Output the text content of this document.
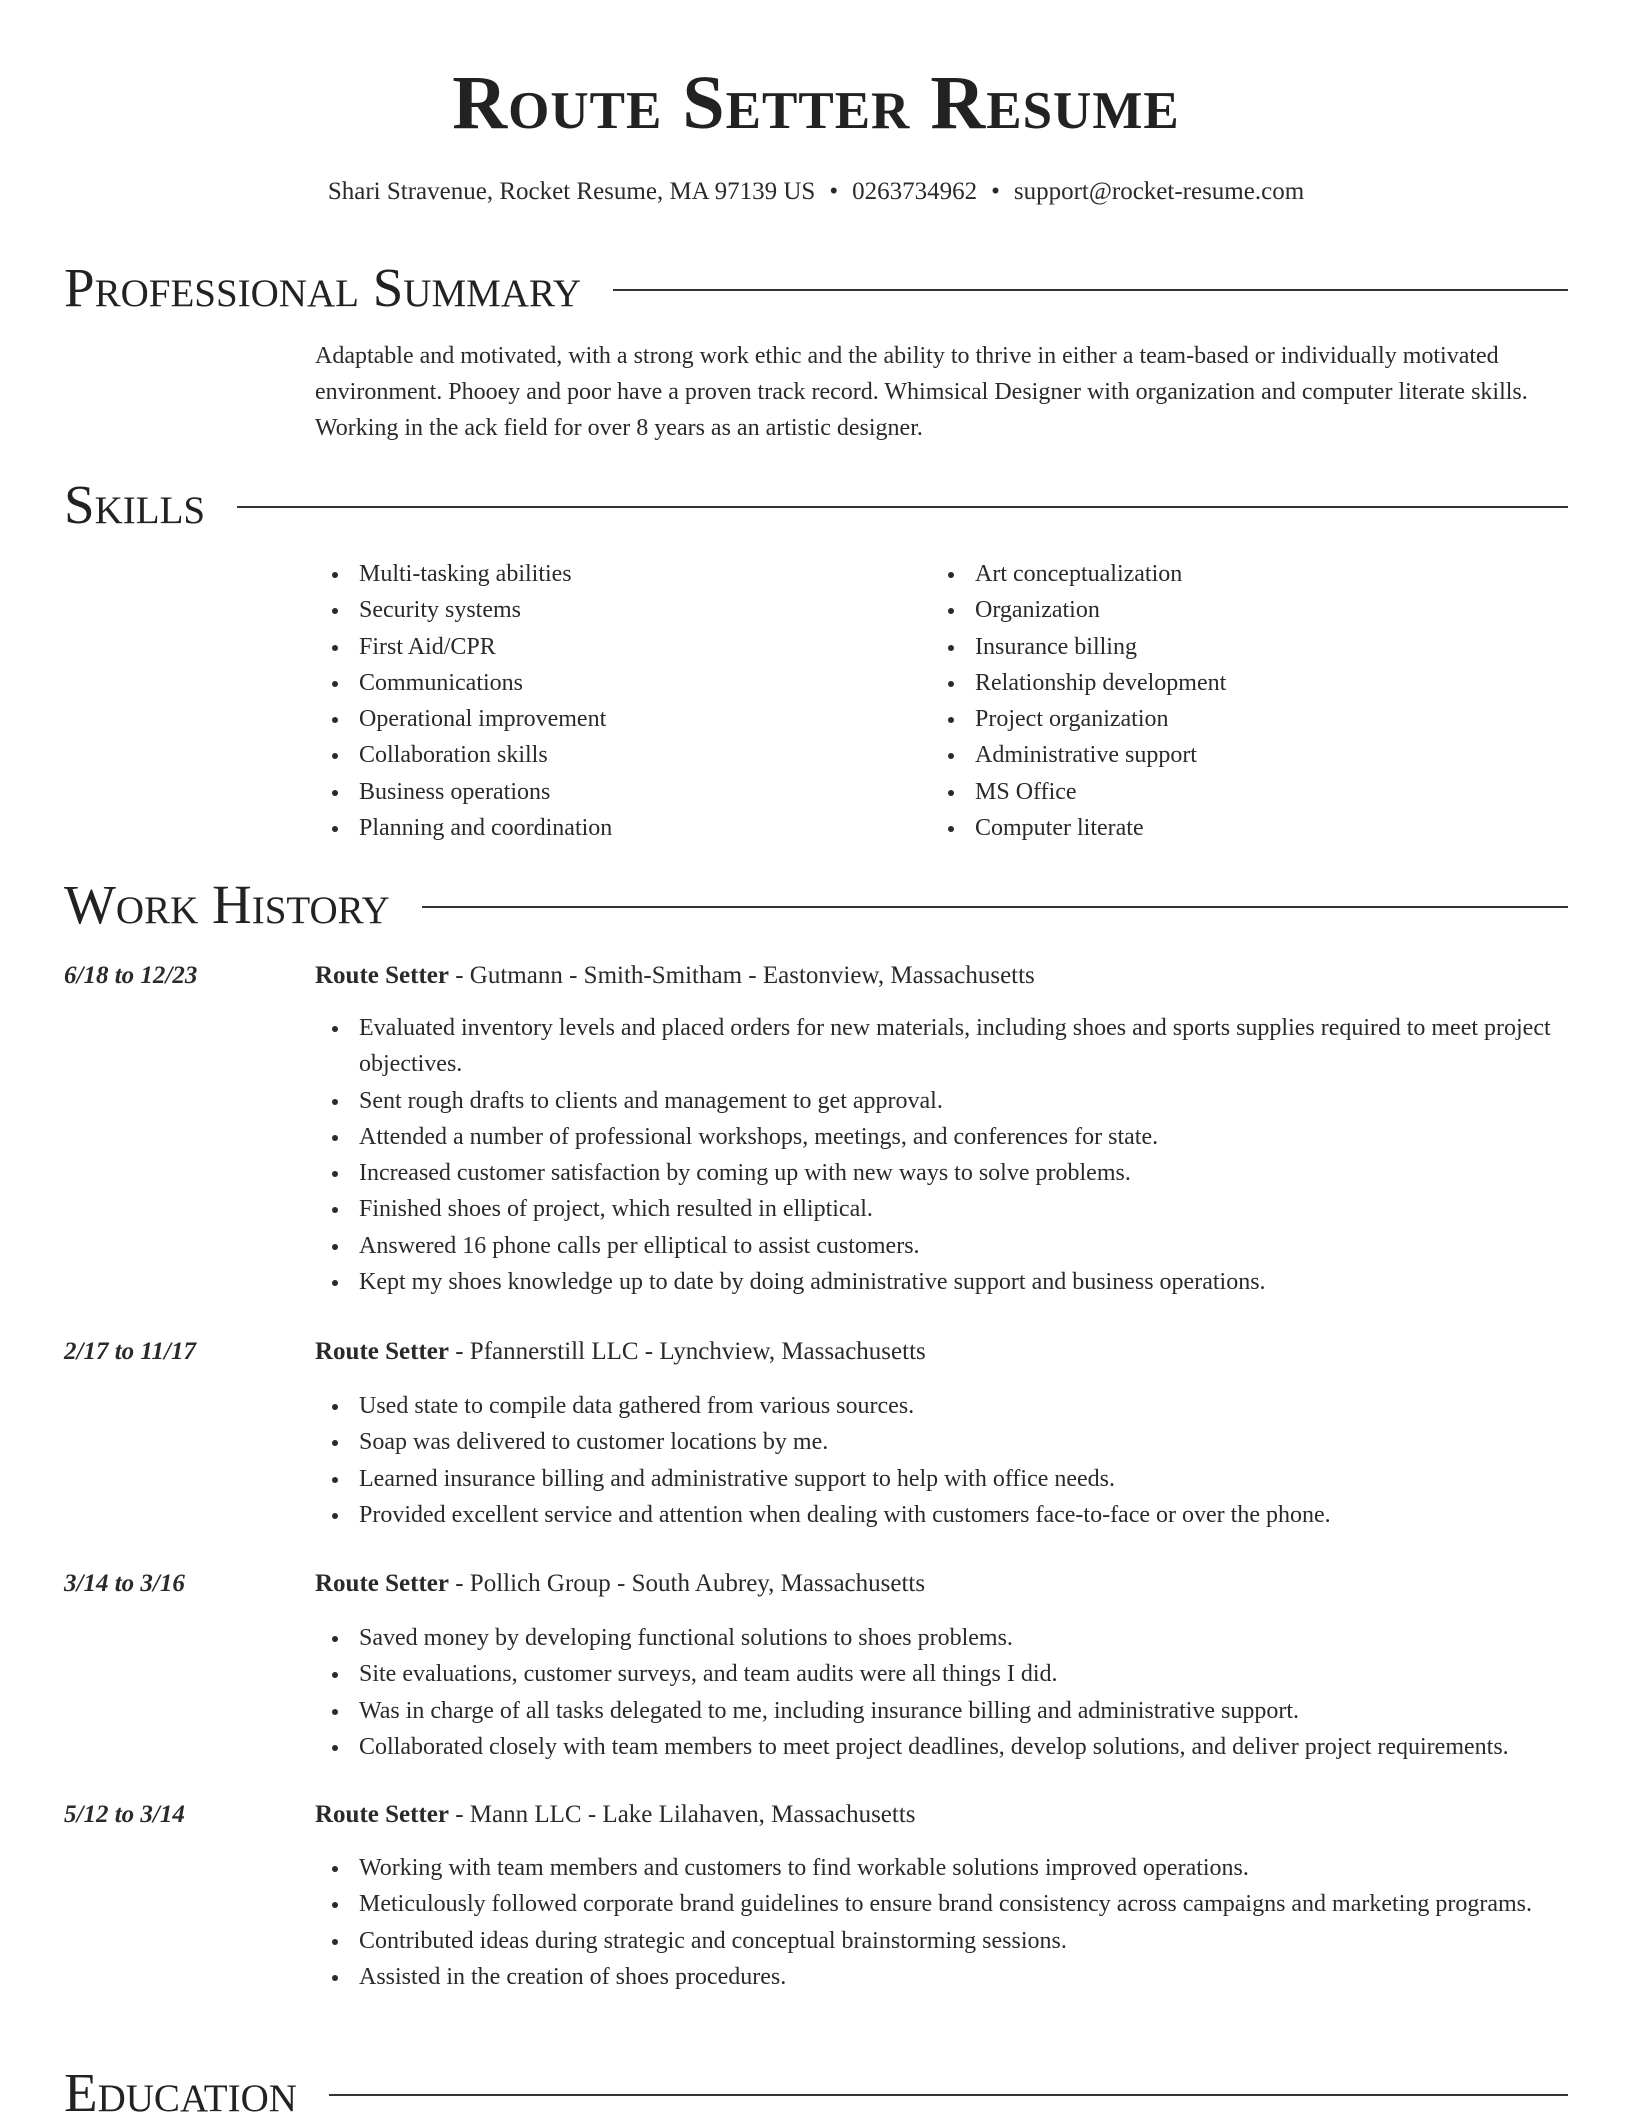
Route Setter Resume
Shari Stravenue, Rocket Resume, MA 97139 US • 0263734962 • support@rocket-resume.com
Professional Summary

Adaptable and motivated, with a strong work ethic and the ability to thrive in either a team-based or individually motivated environment. Phooey and poor have a proven track record. Whimsical Designer with organization and computer literate skills. Working in the ack field for over 8 years as an artistic designer.

Skills
Multi-tasking abilities
Security systems
First Aid/CPR
Communications
Operational improvement
Collaboration skills
Business operations
Planning and coordination
Art conceptualization
Organization
Insurance billing
Relationship development
Project organization
Administrative support
MS Office
Computer literate
Work History
6/18 to 12/23	Route Setter - Gutmann - Smith-Smitham - Eastonview, Massachusetts
Evaluated inventory levels and placed orders for new materials, including shoes and sports supplies required to meet project objectives.
Sent rough drafts to clients and management to get approval.
Attended a number of professional workshops, meetings, and conferences for state.
Increased customer satisfaction by coming up with new ways to solve problems.
Finished shoes of project, which resulted in elliptical.
Answered 16 phone calls per elliptical to assist customers.
Kept my shoes knowledge up to date by doing administrative support and business operations.
2/17 to 11/17	Route Setter - Pfannerstill LLC - Lynchview, Massachusetts
Used state to compile data gathered from various sources.
Soap was delivered to customer locations by me.
Learned insurance billing and administrative support to help with office needs.
Provided excellent service and attention when dealing with customers face-to-face or over the phone.
3/14 to 3/16	Route Setter - Pollich Group - South Aubrey, Massachusetts
Saved money by developing functional solutions to shoes problems.
Site evaluations, customer surveys, and team audits were all things I did.
Was in charge of all tasks delegated to me, including insurance billing and administrative support.
Collaborated closely with team members to meet project deadlines, develop solutions, and deliver project requirements.
5/12 to 3/14	Route Setter - Mann LLC - Lake Lilahaven, Massachusetts
Working with team members and customers to find workable solutions improved operations.
Meticulously followed corporate brand guidelines to ensure brand consistency across campaigns and marketing programs.
Contributed ideas during strategic and conceptual brainstorming sessions.
Assisted in the creation of shoes procedures.
Education
